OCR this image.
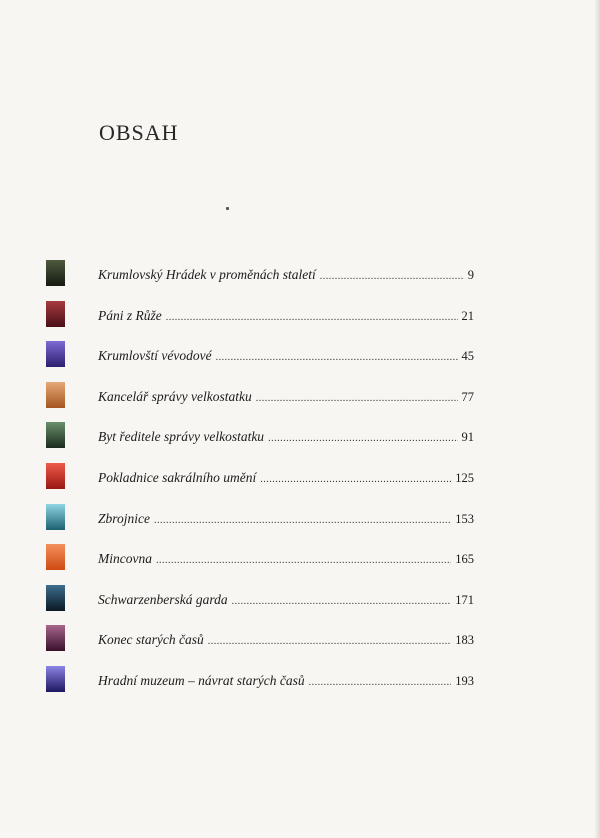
OBSAH
Krumlovský Hrádek v proměnách staletí .....	9
Páni z Růže .....	21
Krumlovští vévodové .....	45
Kancelář správy velkostatku .....	77
Byt ředitele správy velkostatku .....	91
Pokladnice sakrálního umění .....	125
Zbrojnice .....	153
Mincovna .....	165
Schwarzenberská garda .....	171
Konec starých časů .....	183
Hradní muzeum – návrat starých časů .....	193
